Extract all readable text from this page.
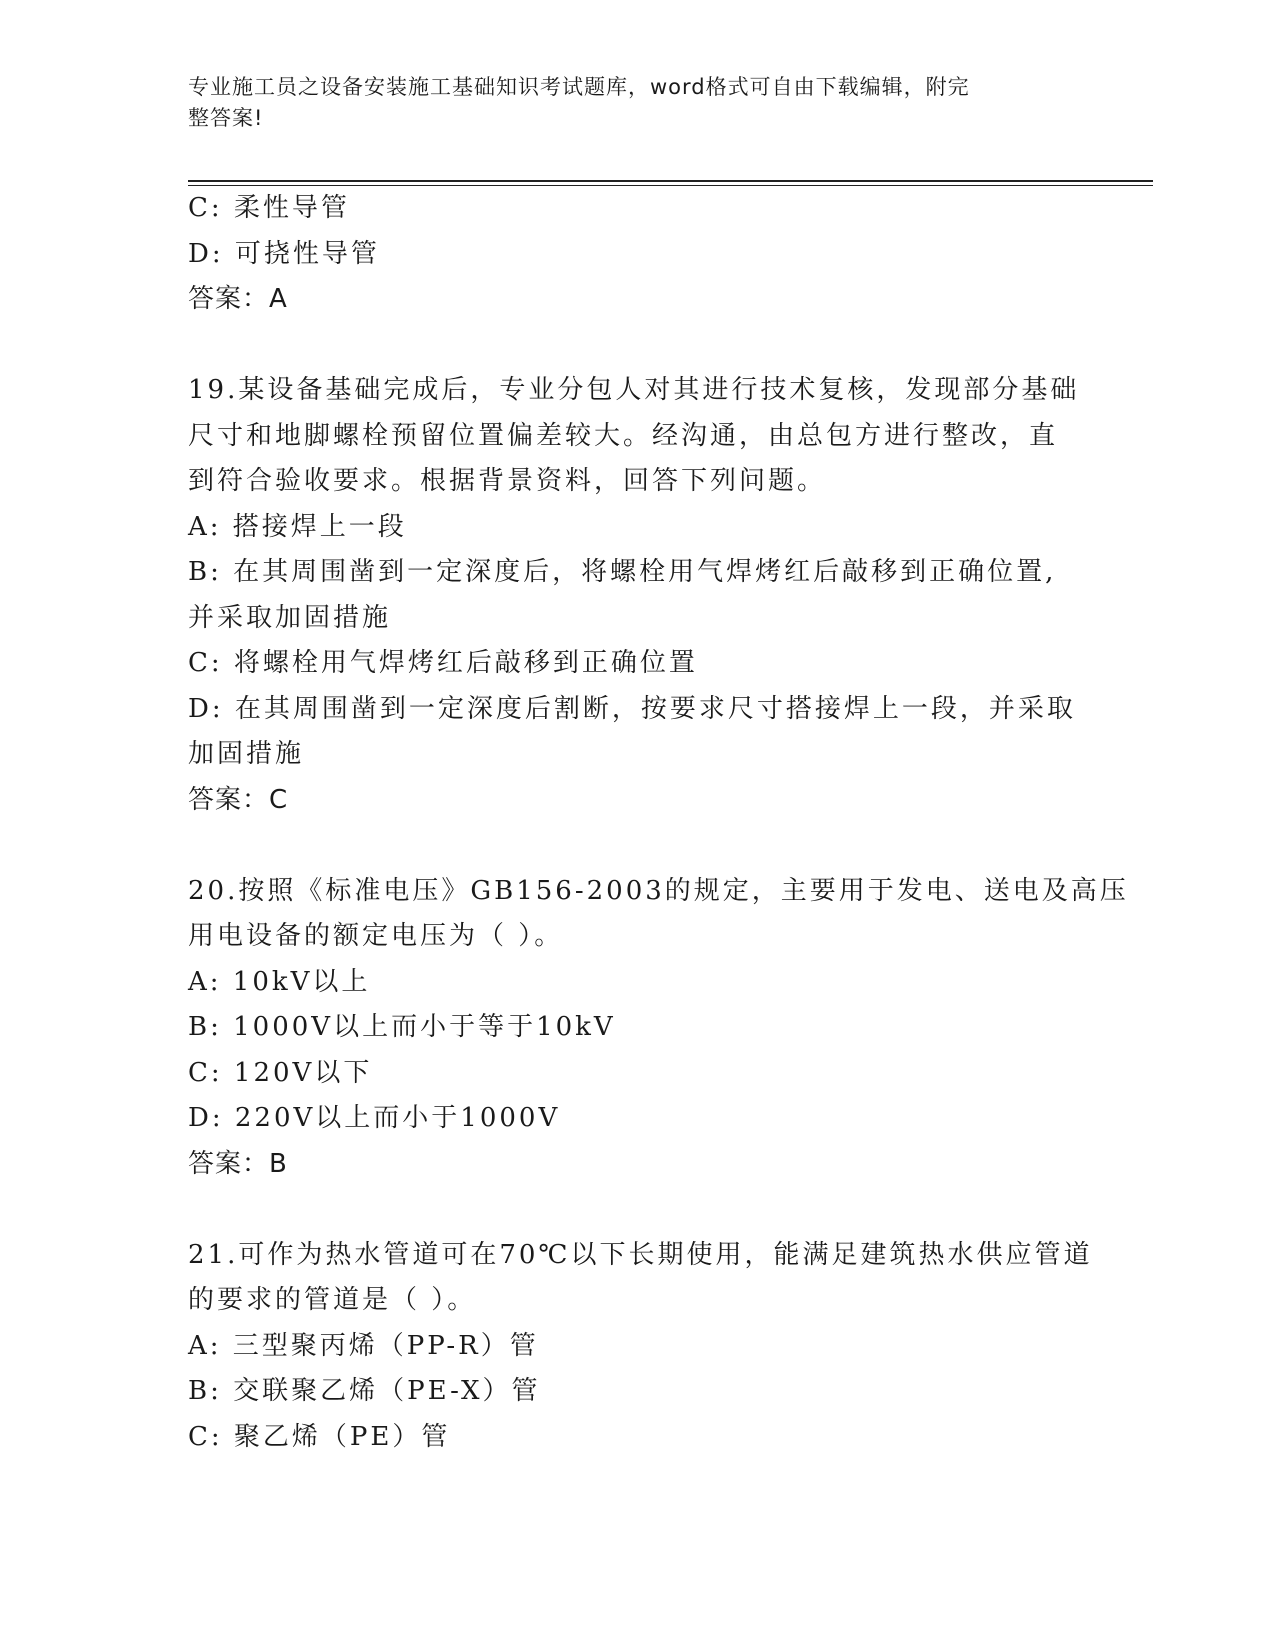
专业施工员之设备安装施工基础知识考试题库，word格式可自由下载编辑，附完
整答案!
C: 柔性导管
D: 可挠性导管
答案：A
19.某设备基础完成后，专业分包人对其进行技术复核，发现部分基础
尺寸和地脚螺栓预留位置偏差较大。经沟通，由总包方进行整改，直
到符合验收要求。根据背景资料，回答下列问题。
A: 搭接焊上一段
B: 在其周围凿到一定深度后，将螺栓用气焊烤红后敲移到正确位置,
并采取加固措施
C: 将螺栓用气焊烤红后敲移到正确位置
D: 在其周围凿到一定深度后割断，按要求尺寸搭接焊上一段，并采取
加固措施
答案：C
20.按照《标准电压》GB156-2003的规定，主要用于发电、送电及高压
用电设备的额定电压为（ ）。
A: 10kV以上
B: 1000V以上而小于等于10kV
C: 120V以下
D: 220V以上而小于1000V
答案：B
21.可作为热水管道可在70℃以下长期使用，能满足建筑热水供应管道
的要求的管道是（ ）。
A: 三型聚丙烯（PP-R）管
B: 交联聚乙烯（PE-X）管
C: 聚乙烯（PE）管
